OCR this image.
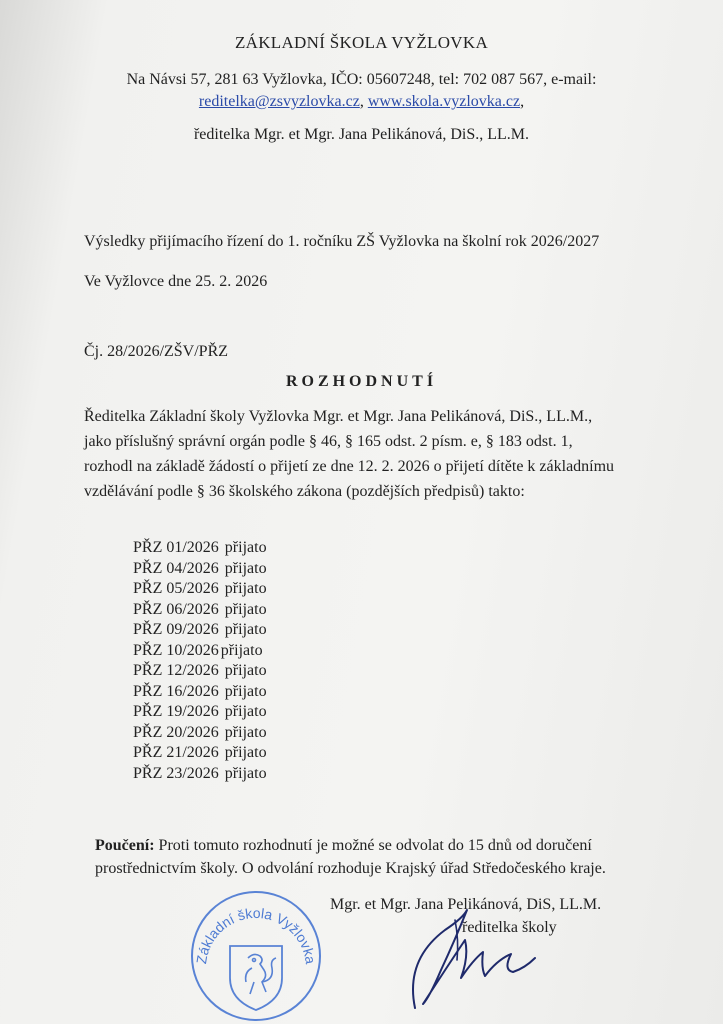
ZÁKLADNÍ ŠKOLA VYŽLOVKA
Na Návsi 57, 281 63 Vyžlovka, IČO: 05607248, tel: 702 087 567, e-mail:
reditelka@zsvyzlovka.cz, www.skola.vyzlovka.cz,
ředitelka Mgr. et Mgr. Jana Pelikánová, DiS., LL.M.
Výsledky přijímacího řízení do 1. ročníku ZŠ Vyžlovka na školní rok 2026/2027
Ve Vyžlovce dne 25. 2. 2026
Čj. 28/2026/ZŠV/PŘZ
ROZHODNUTÍ
Ředitelka Základní školy Vyžlovka Mgr. et Mgr. Jana Pelikánová, DiS., LL.M.,
jako příslušný správní orgán podle § 46, § 165 odst. 2 písm. e, § 183 odst. 1,
rozhodl na základě žádostí o přijetí ze dne 12. 2. 2026 o přijetí dítěte k základnímu
vzdělávání podle § 36 školského zákona (pozdějších předpisů) takto:
PŘZ 01/2026 přijato
PŘZ 04/2026 přijato
PŘZ 05/2026 přijato
PŘZ 06/2026 přijato
PŘZ 09/2026 přijato
PŘZ 10/2026 přijato
PŘZ 12/2026 přijato
PŘZ 16/2026 přijato
PŘZ 19/2026 přijato
PŘZ 20/2026 přijato
PŘZ 21/2026 přijato
PŘZ 23/2026 přijato
Poučení: Proti tomuto rozhodnutí je možné se odvolat do 15 dnů od doručení
prostřednictvím školy. O odvolání rozhoduje Krajský úřad Středočeského kraje.
Mgr. et Mgr. Jana Pelikánová, DiS, LL.M.
ředitelka školy
Základní škola Vyžlovka
